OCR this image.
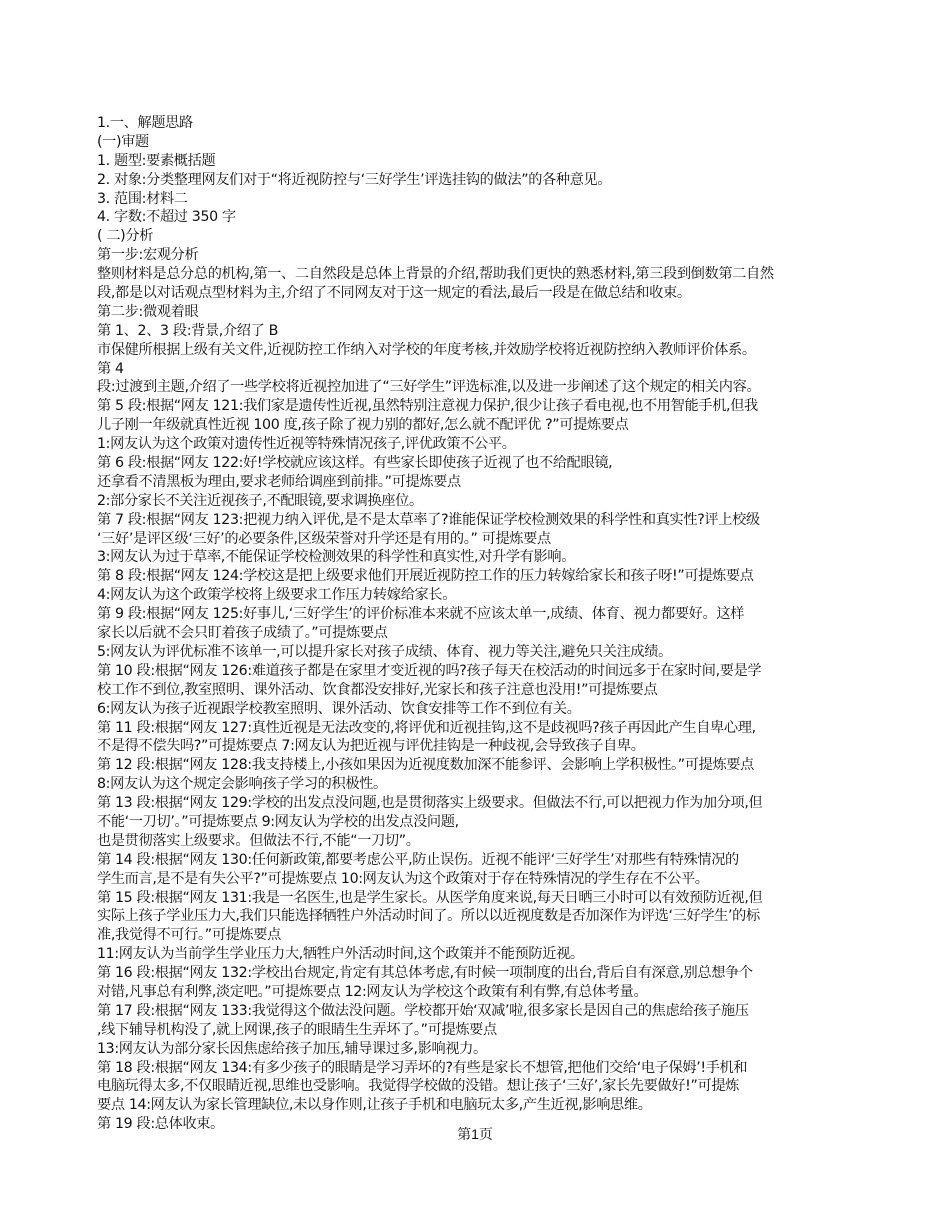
1.一、解题思路
(一)审题
1. 题型:要素概括题
2. 对象:分类整理网友们对于“将近视防控与‘三好学生’评选挂钩的做法”的各种意见。
3. 范围:材料二
4. 字数:不超过 350 字
( 二)分析
第一步:宏观分析
整则材料是总分总的机构,第一、二自然段是总体上背景的介绍,帮助我们更快的熟悉材料,第三段到倒数第二自然
段,都是以对话观点型材料为主,介绍了不同网友对于这一规定的看法,最后一段是在做总结和收束。
第二步:微观着眼
第 1、2、3 段:背景,介绍了 B
市保健所根据上级有关文件,近视防控工作纳入对学校的年度考核,并效励学校将近视防控纳入教师评价体系。
第 4
段:过渡到主题,介绍了一些学校将近视控加进了“三好学生”评选标准,以及进一步阐述了这个规定的相关内容。
第 5 段:根据“网友 121:我们家是遗传性近视,虽然特别注意视力保护,很少让孩子看电视,也不用智能手机,但我
儿子刚一年级就真性近视 100 度,孩子除了视力别的都好,怎么就不配评优 ?”可提炼要点
1:网友认为这个政策对遗传性近视等特殊情况孩子,评优政策不公平。
第 6 段:根据“网友 122:好!学校就应该这样。有些家长即使孩子近视了也不给配眼镜,
还拿看不清黑板为理由,要求老师给调座到前排。”可提炼要点
2:部分家长不关注近视孩子,不配眼镜,要求调换座位。
第 7 段:根据“网友 123:把视力纳入评优,是不是太草率了?谁能保证学校检测效果的科学性和真实性?评上校级
‘三好’是评区级‘三好’的必要条件,区级荣誉对升学还是有用的。” 可提炼要点
3:网友认为过于草率,不能保证学校检测效果的科学性和真实性,对升学有影响。
第 8 段:根据“网友 124:学校这是把上级要求他们开展近视防控工作的压力转嫁给家长和孩子呀!”可提炼要点
4:网友认为这个政策学校将上级要求工作压力转嫁给家长。
第 9 段:根据“网友 125:好事儿,‘三好学生’的评价标准本来就不应该太单一,成绩、体育、视力都要好。这样
家长以后就不会只盯着孩子成绩了。”可提炼要点
5:网友认为评优标准不该单一,可以提升家长对孩子成绩、体育、视力等关注,避免只关注成绩。
第 10 段:根据“网友 126:难道孩子都是在家里才变近视的吗?孩子每天在校活动的时间远多于在家时间,要是学
校工作不到位,教室照明、课外活动、饮食都没安排好,光家长和孩子注意也没用!”可提炼要点
6:网友认为孩子近视跟学校教室照明、课外活动、饮食安排等工作不到位有关。
第 11 段:根据“网友 127:真性近视是无法改变的,将评优和近视挂钩,这不是歧视吗?孩子再因此产生自卑心理,
不是得不偿失吗?”可提炼要点 7:网友认为把近视与评优挂钩是一种歧视,会导致孩子自卑。
第 12 段:根据“网友 128:我支持楼上,小孩如果因为近视度数加深不能参评、会影响上学积极性。”可提炼要点
8:网友认为这个规定会影响孩子学习的积极性。
第 13 段:根据“网友 129:学校的出发点没问题,也是贯彻落实上级要求。但做法不行,可以把视力作为加分项,但
不能‘一刀切’。”可提炼要点 9:网友认为学校的出发点没问题,
也是贯彻落实上级要求。但做法不行,不能“一刀切”。
第 14 段:根据“网友 130:任何新政策,都要考虑公平,防止误伤。近视不能评‘三好学生’对那些有特殊情况的
学生而言,是不是有失公平?”可提炼要点 10:网友认为这个政策对于存在特殊情况的学生存在不公平。
第 15 段:根据“网友 131:我是一名医生,也是学生家长。从医学角度来说,每天日晒三小时可以有效预防近视,但
实际上孩子学业压力大,我们只能选择牺牲户外活动时间了。所以以近视度数是否加深作为评选‘三好学生’的标
准,我觉得不可行。”可提炼要点
11:网友认为当前学生学业压力大,牺牲户外活动时间,这个政策并不能预防近视。
第 16 段:根据“网友 132:学校出台规定,肯定有其总体考虑,有时候一项制度的出台,背后自有深意,别总想争个
对错,凡事总有利弊,淡定吧。”可提炼要点 12:网友认为学校这个政策有利有弊,有总体考量。
第 17 段:根据“网友 133:我觉得这个做法没问题。学校都开始‘双减’啦,很多家长是因自己的焦虑给孩子施压
,线下辅导机构没了,就上网课,孩子的眼睛生生弄坏了。”可提炼要点
13:网友认为部分家长因焦虑给孩子加压,辅导课过多,影响视力。
第 18 段:根据“网友 134:有多少孩子的眼睛是学习弄坏的?有些是家长不想管,把他们交给‘电子保姆’!手机和
电脑玩得太多,不仅眼睛近视,思维也受影响。我觉得学校做的没错。想让孩子‘三好’,家长先要做好!”可提炼
要点 14:网友认为家长管理缺位,未以身作则,让孩子手机和电脑玩太多,产生近视,影响思维。
第 19 段:总体收束。
第1页
